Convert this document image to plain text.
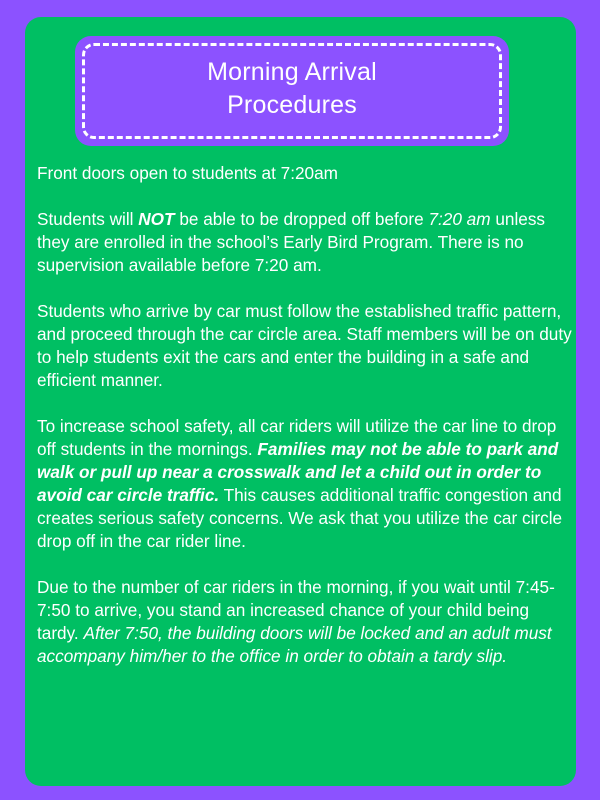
Morning Arrival
Procedures

Front doors open to students at 7:20am

Students will NOT be able to be dropped off before 7:20 am unless they are enrolled in the school’s Early Bird Program. There is no supervision available before 7:20 am.

Students who arrive by car must follow the established traffic pattern, and proceed through the car circle area. Staff members will be on duty to help students exit the cars and enter the building in a safe and efficient manner.

To increase school safety, all car riders will utilize the car line to drop off students in the mornings. Families may not be able to park and walk or pull up near a crosswalk and let a child out in order to avoid car circle traffic. This causes additional traffic congestion and creates serious safety concerns. We ask that you utilize the car circle drop off in the car rider line.

Due to the number of car riders in the morning, if you wait until 7:45-7:50 to arrive, you stand an increased chance of your child being tardy. After 7:50, the building doors will be locked and an adult must accompany him/her to the office in order to obtain a tardy slip.
